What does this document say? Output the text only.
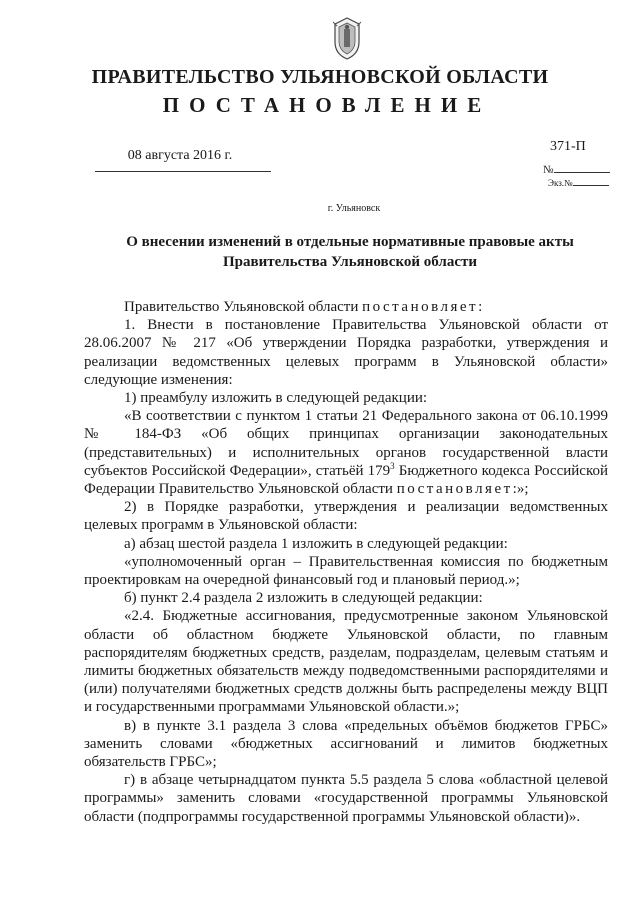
ПРАВИТЕЛЬСТВО УЛЬЯНОВСКОЙ ОБЛАСТИ
ПОСТАНОВЛЕНИЕ
08 августа 2016 г.
371-П
№
Экз.№
г. Ульяновск
О внесении изменений в отдельные нормативные правовые акты
Правительства Ульяновской области

Правительство Ульяновской области постановляет:

1. Внести в постановление Правительства Ульяновской области от 28.06.2007 № 217 «Об утверждении Порядка разработки, утверждения и реализации ведомственных целевых программ в Ульяновской области» следующие изменения:

1) преамбулу изложить в следующей редакции:

«В соответствии с пунктом 1 статьи 21 Федерального закона от 06.10.1999 № 184-ФЗ «Об общих принципах организации законодательных (представительных) и исполнительных органов государственной власти субъектов Российской Федерации», статьёй $179^3$ Бюджетного кодекса Российской Федерации Правительство Ульяновской области постановляет:»;

2) в Порядке разработки, утверждения и реализации ведомственных целевых программ в Ульяновской области:

а) абзац шестой раздела 1 изложить в следующей редакции:

«уполномоченный орган – Правительственная комиссия по бюджетным проектировкам на очередной финансовый год и плановый период.»;

б) пункт 2.4 раздела 2 изложить в следующей редакции:

«2.4. Бюджетные ассигнования, предусмотренные законом Ульяновской области об областном бюджете Ульяновской области, по главным распорядителям бюджетных средств, разделам, подразделам, целевым статьям и лимиты бюджетных обязательств между подведомственными распорядителями и (или) получателями бюджетных средств должны быть распределены между ВЦП и государственными программами Ульяновской области.»;

в) в пункте 3.1 раздела 3 слова «предельных объёмов бюджетов ГРБС» заменить словами «бюджетных ассигнований и лимитов бюджетных обязательств ГРБС»;

г) в абзаце четырнадцатом пункта 5.5 раздела 5 слова «областной целевой программы» заменить словами «государственной программы Ульяновской области (подпрограммы государственной программы Ульяновской области)».
